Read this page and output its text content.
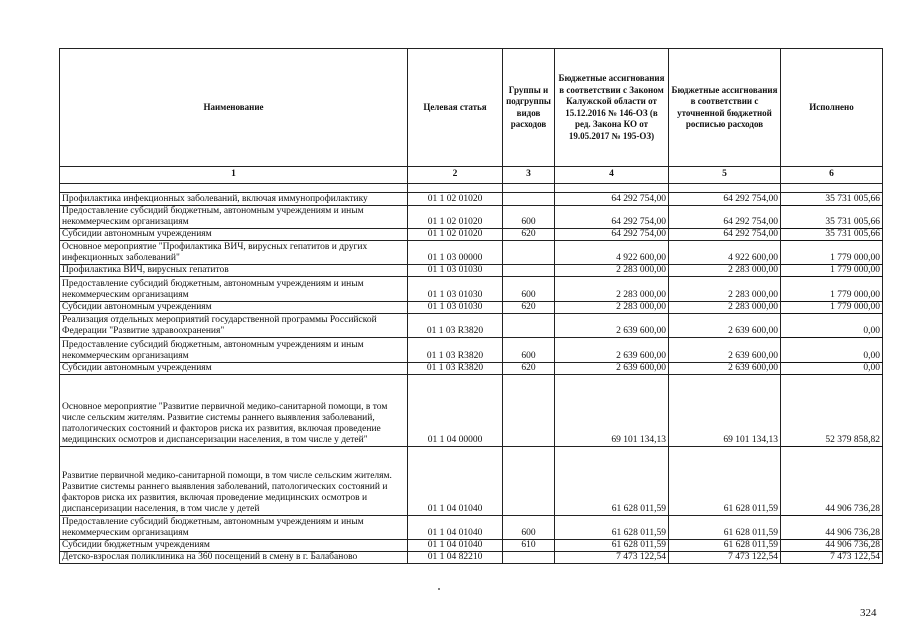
Наименование	Целевая статья	Группы и подгруппы видов расходов	Бюджетные ассигнования в соответствии с Законом Калужской области от 15.12.2016 № 146-ОЗ (в ред. Закона КО от 19.05.2017 № 195-ОЗ)	Бюджетные ассигнования в соответствии с уточненной бюджетной росписью расходов	Исполнено
1	2	3	4	5	6

Профилактика инфекционных заболеваний, включая иммунопрофилактику	01 1 02 01020		64 292 754,00	64 292 754,00	35 731 005,66
Предоставление субсидий бюджетным, автономным учреждениям и иным некоммерческим организациям	01 1 02 01020	600	64 292 754,00	64 292 754,00	35 731 005,66
Субсидии автономным учреждениям	01 1 02 01020	620	64 292 754,00	64 292 754,00	35 731 005,66
Основное мероприятие "Профилактика ВИЧ, вирусных гепатитов и других инфекционных заболеваний"	01 1 03 00000		4 922 600,00	4 922 600,00	1 779 000,00
Профилактика ВИЧ, вирусных гепатитов	01 1 03 01030		2 283 000,00	2 283 000,00	1 779 000,00
Предоставление субсидий бюджетным, автономным учреждениям и иным некоммерческим организациям	01 1 03 01030	600	2 283 000,00	2 283 000,00	1 779 000,00
Субсидии автономным учреждениям	01 1 03 01030	620	2 283 000,00	2 283 000,00	1 779 000,00
Реализация отдельных мероприятий государственной программы Российской Федерации "Развитие здравоохранения"	01 1 03 R3820		2 639 600,00	2 639 600,00	0,00
Предоставление субсидий бюджетным, автономным учреждениям и иным некоммерческим организациям	01 1 03 R3820	600	2 639 600,00	2 639 600,00	0,00
Субсидии автономным учреждениям	01 1 03 R3820	620	2 639 600,00	2 639 600,00	0,00
Основное мероприятие "Развитие первичной медико-санитарной помощи, в том числе сельским жителям. Развитие системы раннего выявления заболеваний, патологических состояний и факторов риска их развития, включая проведение медицинских осмотров и диспансеризации населения, в том числе у детей"	01 1 04 00000		69 101 134,13	69 101 134,13	52 379 858,82
Развитие первичной медико-санитарной помощи, в том числе сельским жителям. Развитие системы раннего выявления заболеваний, патологических состояний и факторов риска их развития, включая проведение медицинских осмотров и диспансеризации населения, в том числе у детей	01 1 04 01040		61 628 011,59	61 628 011,59	44 906 736,28
Предоставление субсидий бюджетным, автономным учреждениям и иным некоммерческим организациям	01 1 04 01040	600	61 628 011,59	61 628 011,59	44 906 736,28
Субсидии бюджетным учреждениям	01 1 04 01040	610	61 628 011,59	61 628 011,59	44 906 736,28
Детско-взрослая поликлиника на 360 посещений в смену в г. Балабаново	01 1 04 82210		7 473 122,54	7 473 122,54	7 473 122,54
324
